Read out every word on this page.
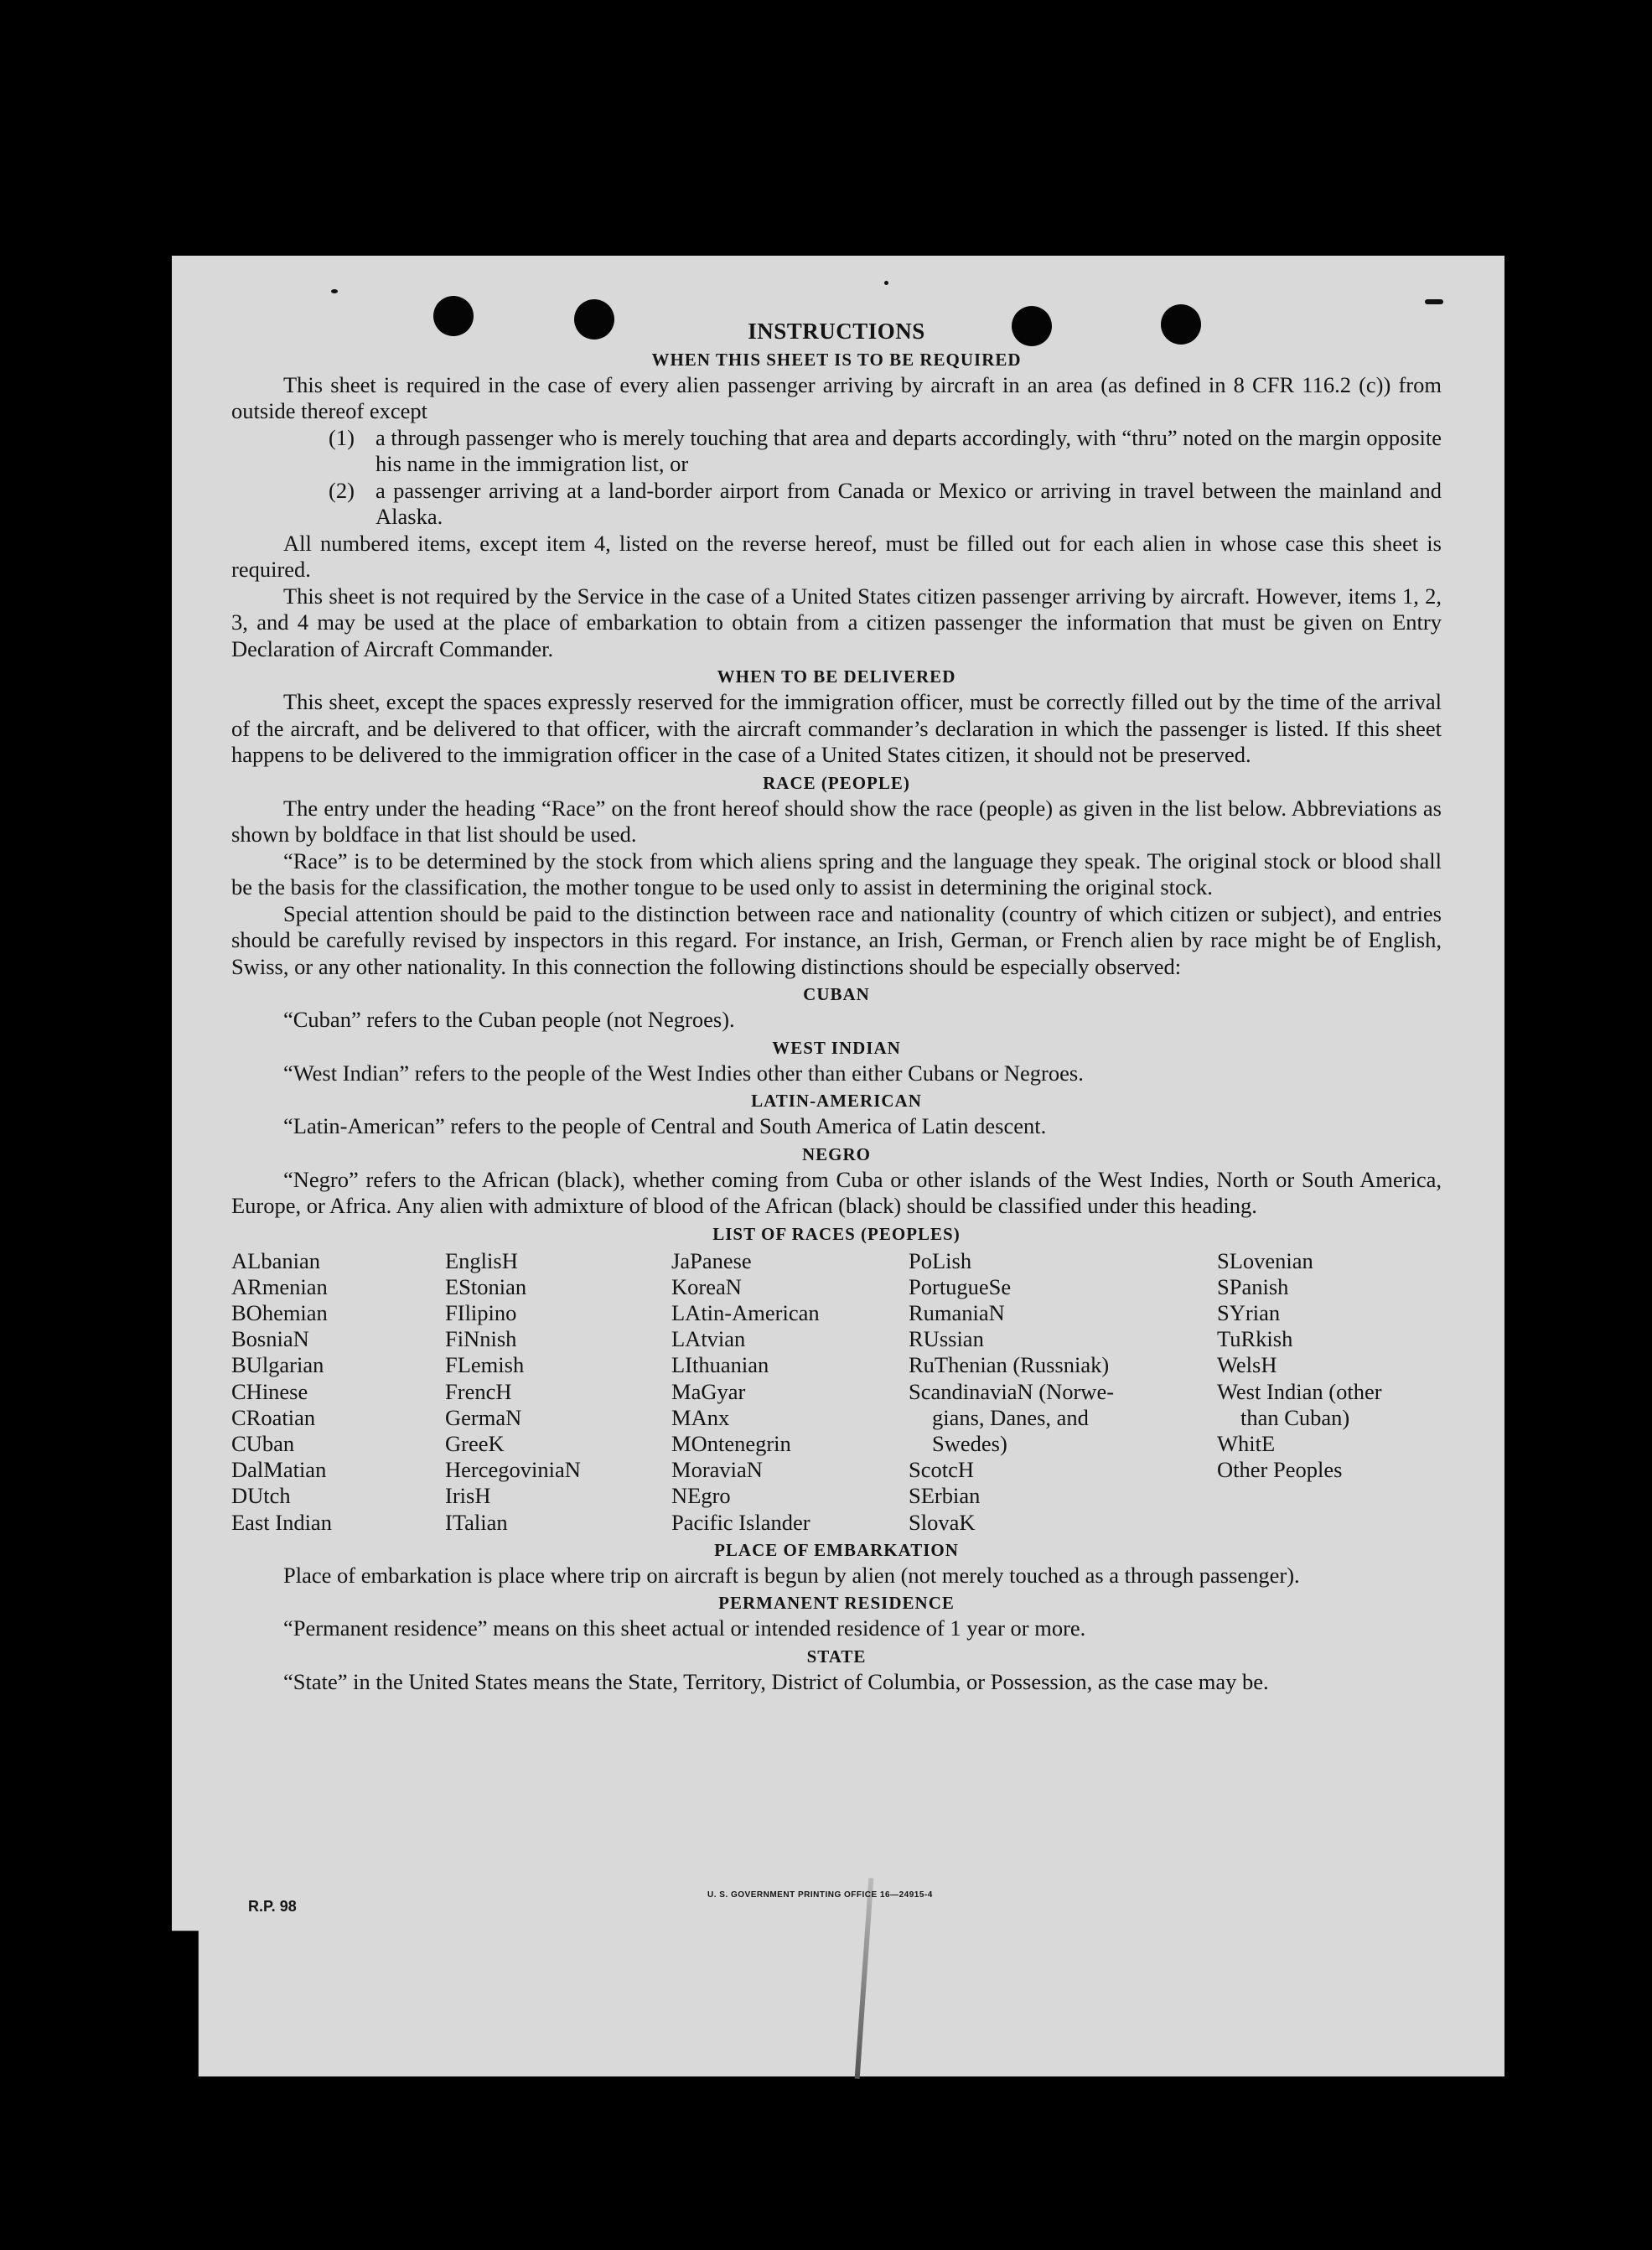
INSTRUCTIONS
WHEN THIS SHEET IS TO BE REQUIRED

This sheet is required in the case of every alien passenger arriving by aircraft in an area (as defined in 8 CFR 116.2 (c)) from outside thereof except

(1) a through passenger who is merely touching that area and departs accordingly, with “thru” noted on the margin opposite his name in the immigration list, or
(2) a passenger arriving at a land-border airport from Canada or Mexico or arriving in travel between the mainland and Alaska.

All numbered items, except item 4, listed on the reverse hereof, must be filled out for each alien in whose case this sheet is required.

This sheet is not required by the Service in the case of a United States citizen passenger arriving by aircraft. However, items 1, 2, 3, and 4 may be used at the place of embarkation to obtain from a citizen passenger the information that must be given on Entry Declaration of Aircraft Commander.

WHEN TO BE DELIVERED

This sheet, except the spaces expressly reserved for the immigration officer, must be correctly filled out by the time of the arrival of the aircraft, and be delivered to that officer, with the aircraft commander’s declaration in which the passenger is listed. If this sheet happens to be delivered to the immigration officer in the case of a United States citizen, it should not be preserved.

RACE (PEOPLE)

The entry under the heading “Race” on the front hereof should show the race (people) as given in the list below. Abbreviations as shown by boldface in that list should be used.

“Race” is to be determined by the stock from which aliens spring and the language they speak. The original stock or blood shall be the basis for the classification, the mother tongue to be used only to assist in determining the original stock.

Special attention should be paid to the distinction between race and nationality (country of which citizen or subject), and entries should be carefully revised by inspectors in this regard. For instance, an Irish, German, or French alien by race might be of English, Swiss, or any other nationality. In this connection the following distinctions should be especially observed:

CUBAN

“Cuban” refers to the Cuban people (not Negroes).

WEST INDIAN

“West Indian” refers to the people of the West Indies other than either Cubans or Negroes.

LATIN-AMERICAN

“Latin-American” refers to the people of Central and South America of Latin descent.

NEGRO

“Negro” refers to the African (black), whether coming from Cuba or other islands of the West Indies, North or South America, Europe, or Africa. Any alien with admixture of blood of the African (black) should be classified under this heading.

LIST OF RACES (PEOPLES)
ALbanian
ARmenian
BOhemian
BosniaN
BUlgarian
CHinese
CRoatian
CUban
DalMatian
DUtch
East Indian
EnglisH
EStonian
FIlipino
FiNnish
FLemish
FrencH
GermaN
GreeK
HercegoviniaN
IrisH
ITalian
JaPanese
KoreaN
LAtin-American
LAtvian
LIthuanian
MaGyar
MAnx
MOntenegrin
MoraviaN
NEgro
Pacific Islander
PoLish
PortugueSe
RumaniaN
RUssian
RuThenian (Russniak)
ScandinaviaN (Norwe-
gians, Danes, and
Swedes)
ScotcH
SErbian
SlovaK
SLovenian
SPanish
SYrian
TuRkish
WelsH
West Indian (other
than Cuban)
WhitE
Other Peoples
PLACE OF EMBARKATION

Place of embarkation is place where trip on aircraft is begun by alien (not merely touched as a through passenger).

PERMANENT RESIDENCE

“Permanent residence” means on this sheet actual or intended residence of 1 year or more.

STATE

“State” in the United States means the State, Territory, District of Columbia, or Possession, as the case may be.

R.P. 98
U. S. GOVERNMENT PRINTING OFFICE 16—24915-4
